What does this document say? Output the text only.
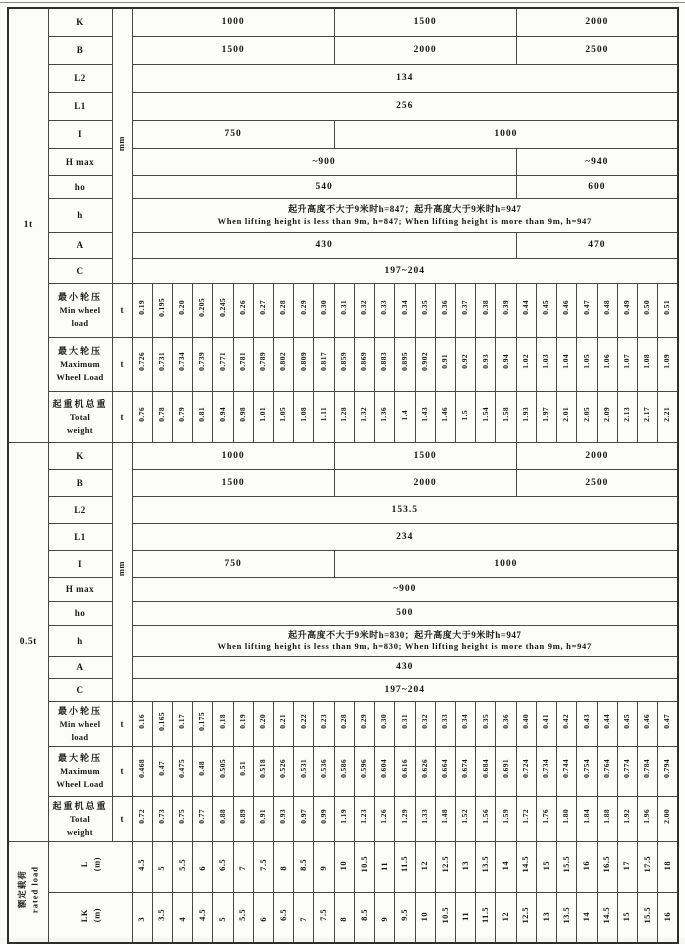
1t	K	mm	1000										1500									2000							
	B		1500										2000									2500							
	L2		134																										
	L1		256																										
	I		750										1000																
	H max		~900																			~940							
	ho		540																			600							
	h		起升高度不大于9米时h=847；起升高度大于9米时h=947
When lifting height is less than 9m, h=847; When lifting height is more than 9m, h=947																										

	A		430																			470							
	C		197~204																										

	最小轮压
Min wheel
load	t	0.19	0.195	0.20	0.205	0.245	0.26	0.27	0.28	0.29	0.30	0.31	0.32	0.33	0.34	0.35	0.36	0.37	0.38	0.39	0.44	0.45	0.46	0.47	0.48	0.49	0.50	0.51

	最大轮压
Maximum
Wheel Load	t	0.726	0.731	0.734	0.739	0.771	0.781	0.789	0.802	0.809	0.817	0.859	0.869	0.883	0.895	0.902	0.91	0.92	0.93	0.94	1.02	1.03	1.04	1.05	1.06	1.07	1.08	1.09

	起重机总重
Total
weight	t	0.76	0.78	0.79	0.81	0.94	0.98	1.01	1.05	1.08	1.11	1.28	1.32	1.36	1.4	1.43	1.46	1.5	1.54	1.58	1.93	1.97	2.01	2.05	2.09	2.13	2.17	2.21
0.5t	K	mm	1000										1500									2000							
	B		1500										2000									2500							
	L2		153.5																										
	L1		234																										
	I		750										1000																
	H max		~900																										
	ho		500																										
	h		起升高度不大于9米时h=830；起升高度大于9米时h=947
When lifting height is less than 9m, h=830; When lifting height is more than 9m, h=947																										

	A		430																										
	C		197~204																										

	最小轮压
Min wheel
load	t	0.16	0.165	0.17	0.175	0.18	0.19	0.20	0.21	0.22	0.23	0.28	0.29	0.30	0.31	0.32	0.33	0.34	0.35	0.36	0.40	0.41	0.42	0.43	0.44	0.45	0.46	0.47

	最大轮压
Maximum
Wheel Load	t	0.468	0.47	0.475	0.48	0.505	0.51	0.518	0.526	0.531	0.536	0.586	0.596	0.604	0.616	0.626	0.664	0.674	0.684	0.691	0.724	0.734	0.744	0.754	0.764	0.774	0.784	0.794

	起重机总重
Total
weight	t	0.72	0.73	0.75	0.77	0.88	0.89	0.91	0.93	0.97	0.99	1.19	1.23	1.26	1.29	1.33	1.48	1.52	1.56	1.59	1.72	1.76	1.80	1.84	1.88	1.92	1.96	2.00

额定载荷 rated load

L (m)	4.5	5	5.5	6	6.5	7	7.5	8	8.5	9	10	10.5	11	11.5	12	12.5	13	13.5	14	14.5	15	15.5	16	16.5	17	17.5	18

	LK (m)		3	3.5	4	4.5	5	5.5	6	6.5	7	7.5	8	8.5	9	9.5	10	10.5	11	11.5	12	12.5	13	13.5	14	14.5	15	15.5	16
